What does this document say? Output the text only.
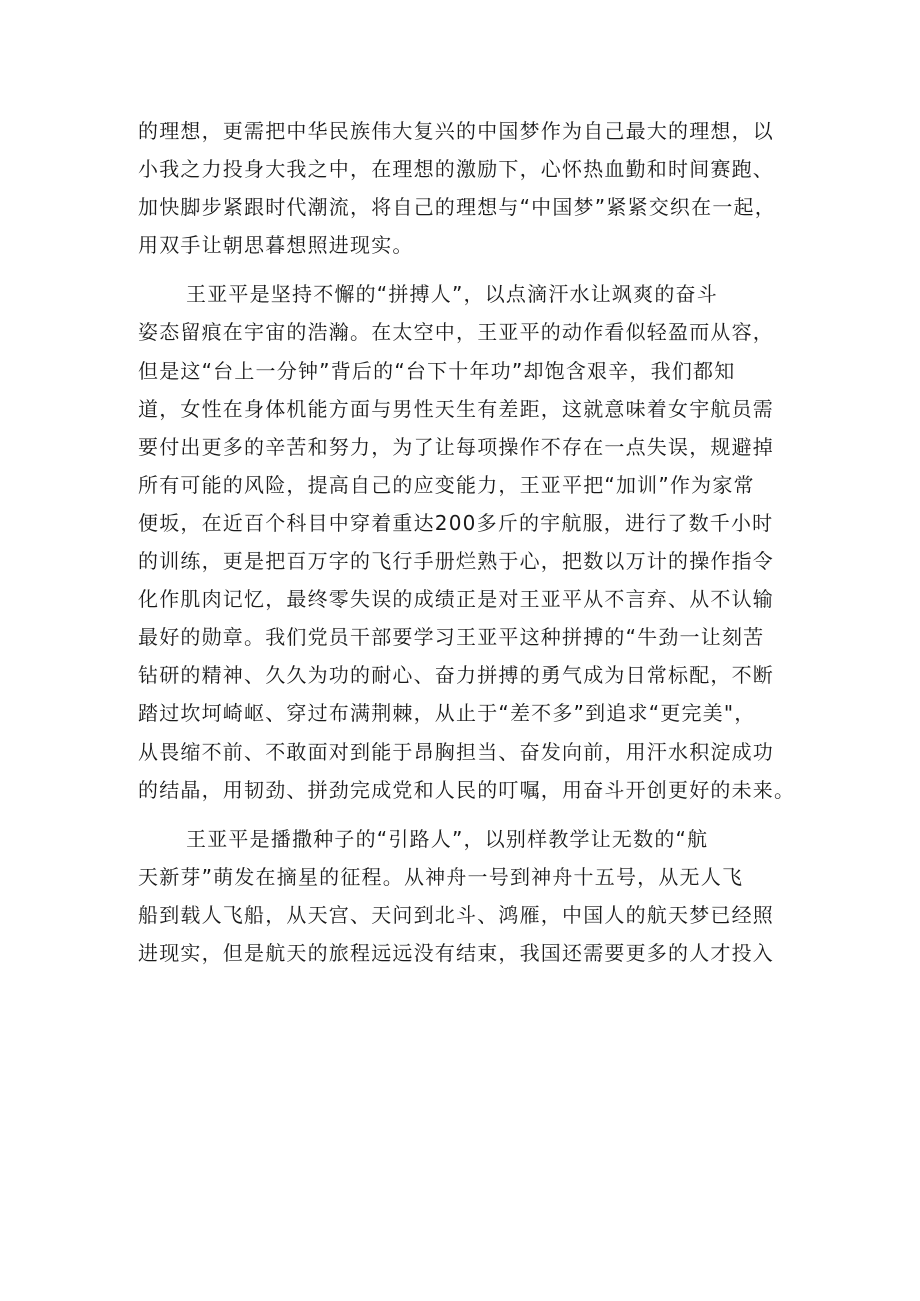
的理想，更需把中华民族伟大复兴的中国梦作为自己最大的理想，以
小我之力投身大我之中，在理想的激励下，心怀热血勤和时间赛跑、
加快脚步紧跟时代潮流，将自己的理想与“中国梦”紧紧交织在一起，
用双手让朝思暮想照进现实。
王亚平是坚持不懈的“拼搏人”，以点滴汗水让飒爽的奋斗
姿态留痕在宇宙的浩瀚。在太空中，王亚平的动作看似轻盈而从容，
但是这“台上一分钟”背后的“台下十年功”却饱含艰辛，我们都知
道，女性在身体机能方面与男性天生有差距，这就意味着女宇航员需
要付出更多的辛苦和努力，为了让每项操作不存在一点失误，规避掉
所有可能的风险，提高自己的应变能力，王亚平把“加训”作为家常
便坂，在近百个科目中穿着重达200多斤的宇航服，进行了数千小时
的训练，更是把百万字的飞行手册烂熟于心，把数以万计的操作指令
化作肌肉记忆，最终零失误的成绩正是对王亚平从不言弃、从不认输
最好的勋章。我们党员干部要学习王亚平这种拼搏的“牛劲一让刻苦
钻研的精神、久久为功的耐心、奋力拼搏的勇气成为日常标配，不断
踏过坎坷崎岖、穿过布满荆棘，从止于“差不多”到追求“更完美"，
从畏缩不前、不敢面对到能于昂胸担当、奋发向前，用汗水积淀成功
的结晶，用韧劲、拼劲完成党和人民的叮嘱，用奋斗开创更好的未来。
王亚平是播撒种子的“引路人”，以别样教学让无数的“航
天新芽”萌发在摘星的征程。从神舟一号到神舟十五号，从无人飞
船到载人飞船，从天宫、天问到北斗、鸿雁，中国人的航天梦已经照
进现实，但是航天的旅程远远没有结束，我国还需要更多的人才投入
